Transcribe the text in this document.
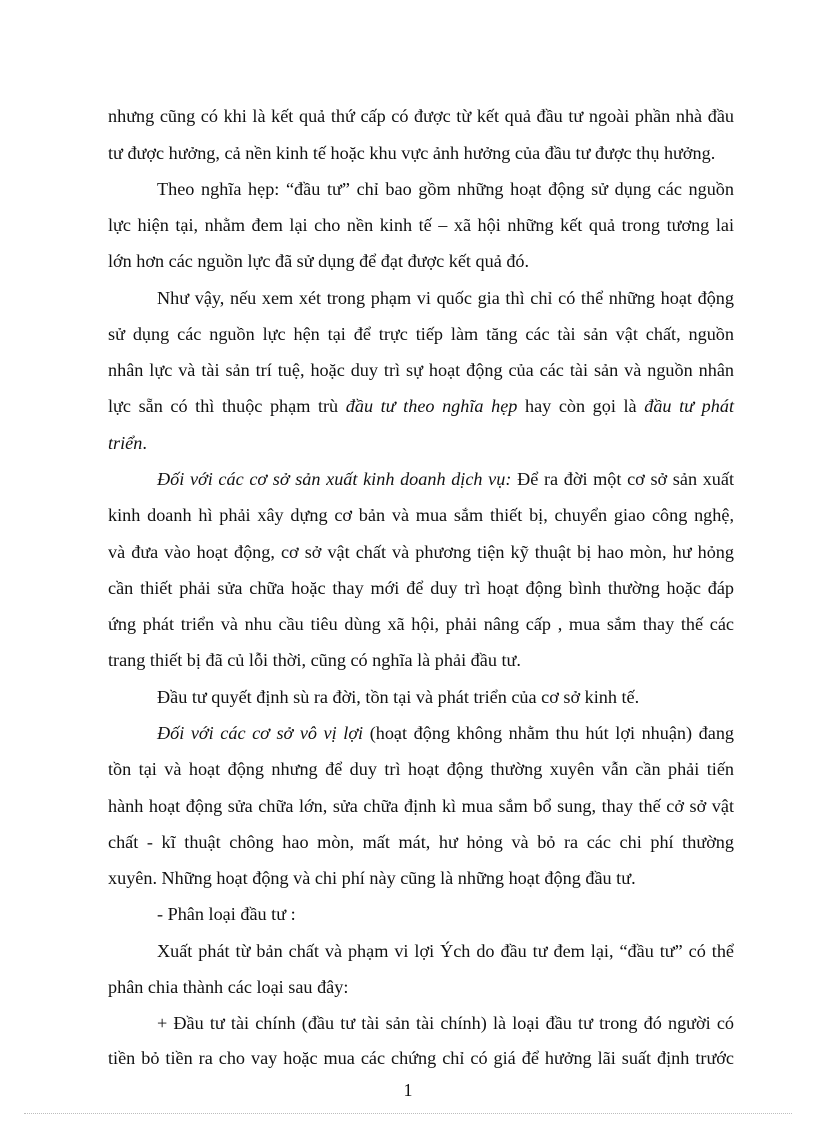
nhưng cũng có khi là kết quả thứ cấp có được từ kết quả đầu tư ngoài phần nhà đầu
tư được hưởng, cả nền kinh tế hoặc khu vực ảnh hưởng của đầu tư được thụ hưởng.
Theo nghĩa hẹp: “đầu tư” chỉ bao gồm những hoạt động sử dụng các nguồn
lực hiện tại, nhằm đem lại cho nền kinh tế – xã hội những kết quả trong tương lai
lớn hơn các nguồn lực đã sử dụng để đạt được kết quả đó.
Như vậy, nếu xem xét trong phạm vi quốc gia thì chỉ có thể những hoạt động
sử dụng các nguồn lực hện tại để trực tiếp làm tăng các tài sản vật chất, nguồn
nhân lực và tài sản trí tuệ, hoặc duy trì sự hoạt động của các tài sản và nguồn nhân
lực sẵn có thì thuộc phạm trù đầu tư theo nghĩa hẹp hay còn gọi là đầu tư phát
triển.
Đối với các cơ sở sản xuất kinh doanh dịch vụ: Để ra đời một cơ sở sản xuất
kinh doanh hì phải xây dựng cơ bản và mua sắm thiết bị, chuyển giao công nghệ,
và đưa vào hoạt động, cơ sở vật chất và phương tiện kỹ thuật bị hao mòn, hư hỏng
cần thiết phải sửa chữa hoặc thay mới để duy trì hoạt động bình thường hoặc đáp
ứng phát triển và nhu cầu tiêu dùng xã hội, phải nâng cấp , mua sắm thay thế các
trang thiết bị đã củ lỗi thời, cũng có nghĩa là phải đầu tư.
Đầu tư quyết định sù ra đời, tồn tại và phát triển của cơ sở kinh tế.
Đối với các cơ sở vô vị lợi (hoạt động không nhằm thu hút lợi nhuận) đang
tồn tại và hoạt động nhưng để duy trì hoạt động thường xuyên vẫn cần phải tiến
hành hoạt động sửa chữa lớn, sửa chữa định kì mua sắm bổ sung, thay thế cở sở vật
chất - kĩ thuật chông hao mòn, mất mát, hư hỏng và bỏ ra các chi phí thường
xuyên. Những hoạt động và chi phí này cũng là những hoạt động đầu tư.
- Phân loại đầu tư :
Xuất phát từ bản chất và phạm vi lợi Ých do đầu tư đem lại, “đầu tư” có thể
phân chia thành các loại sau đây:
+ Đầu tư tài chính (đầu tư tài sản tài chính) là loại đầu tư trong đó người có
tiền bỏ tiền ra cho vay hoặc mua các chứng chỉ có giá để hưởng lãi suất định trước
1
